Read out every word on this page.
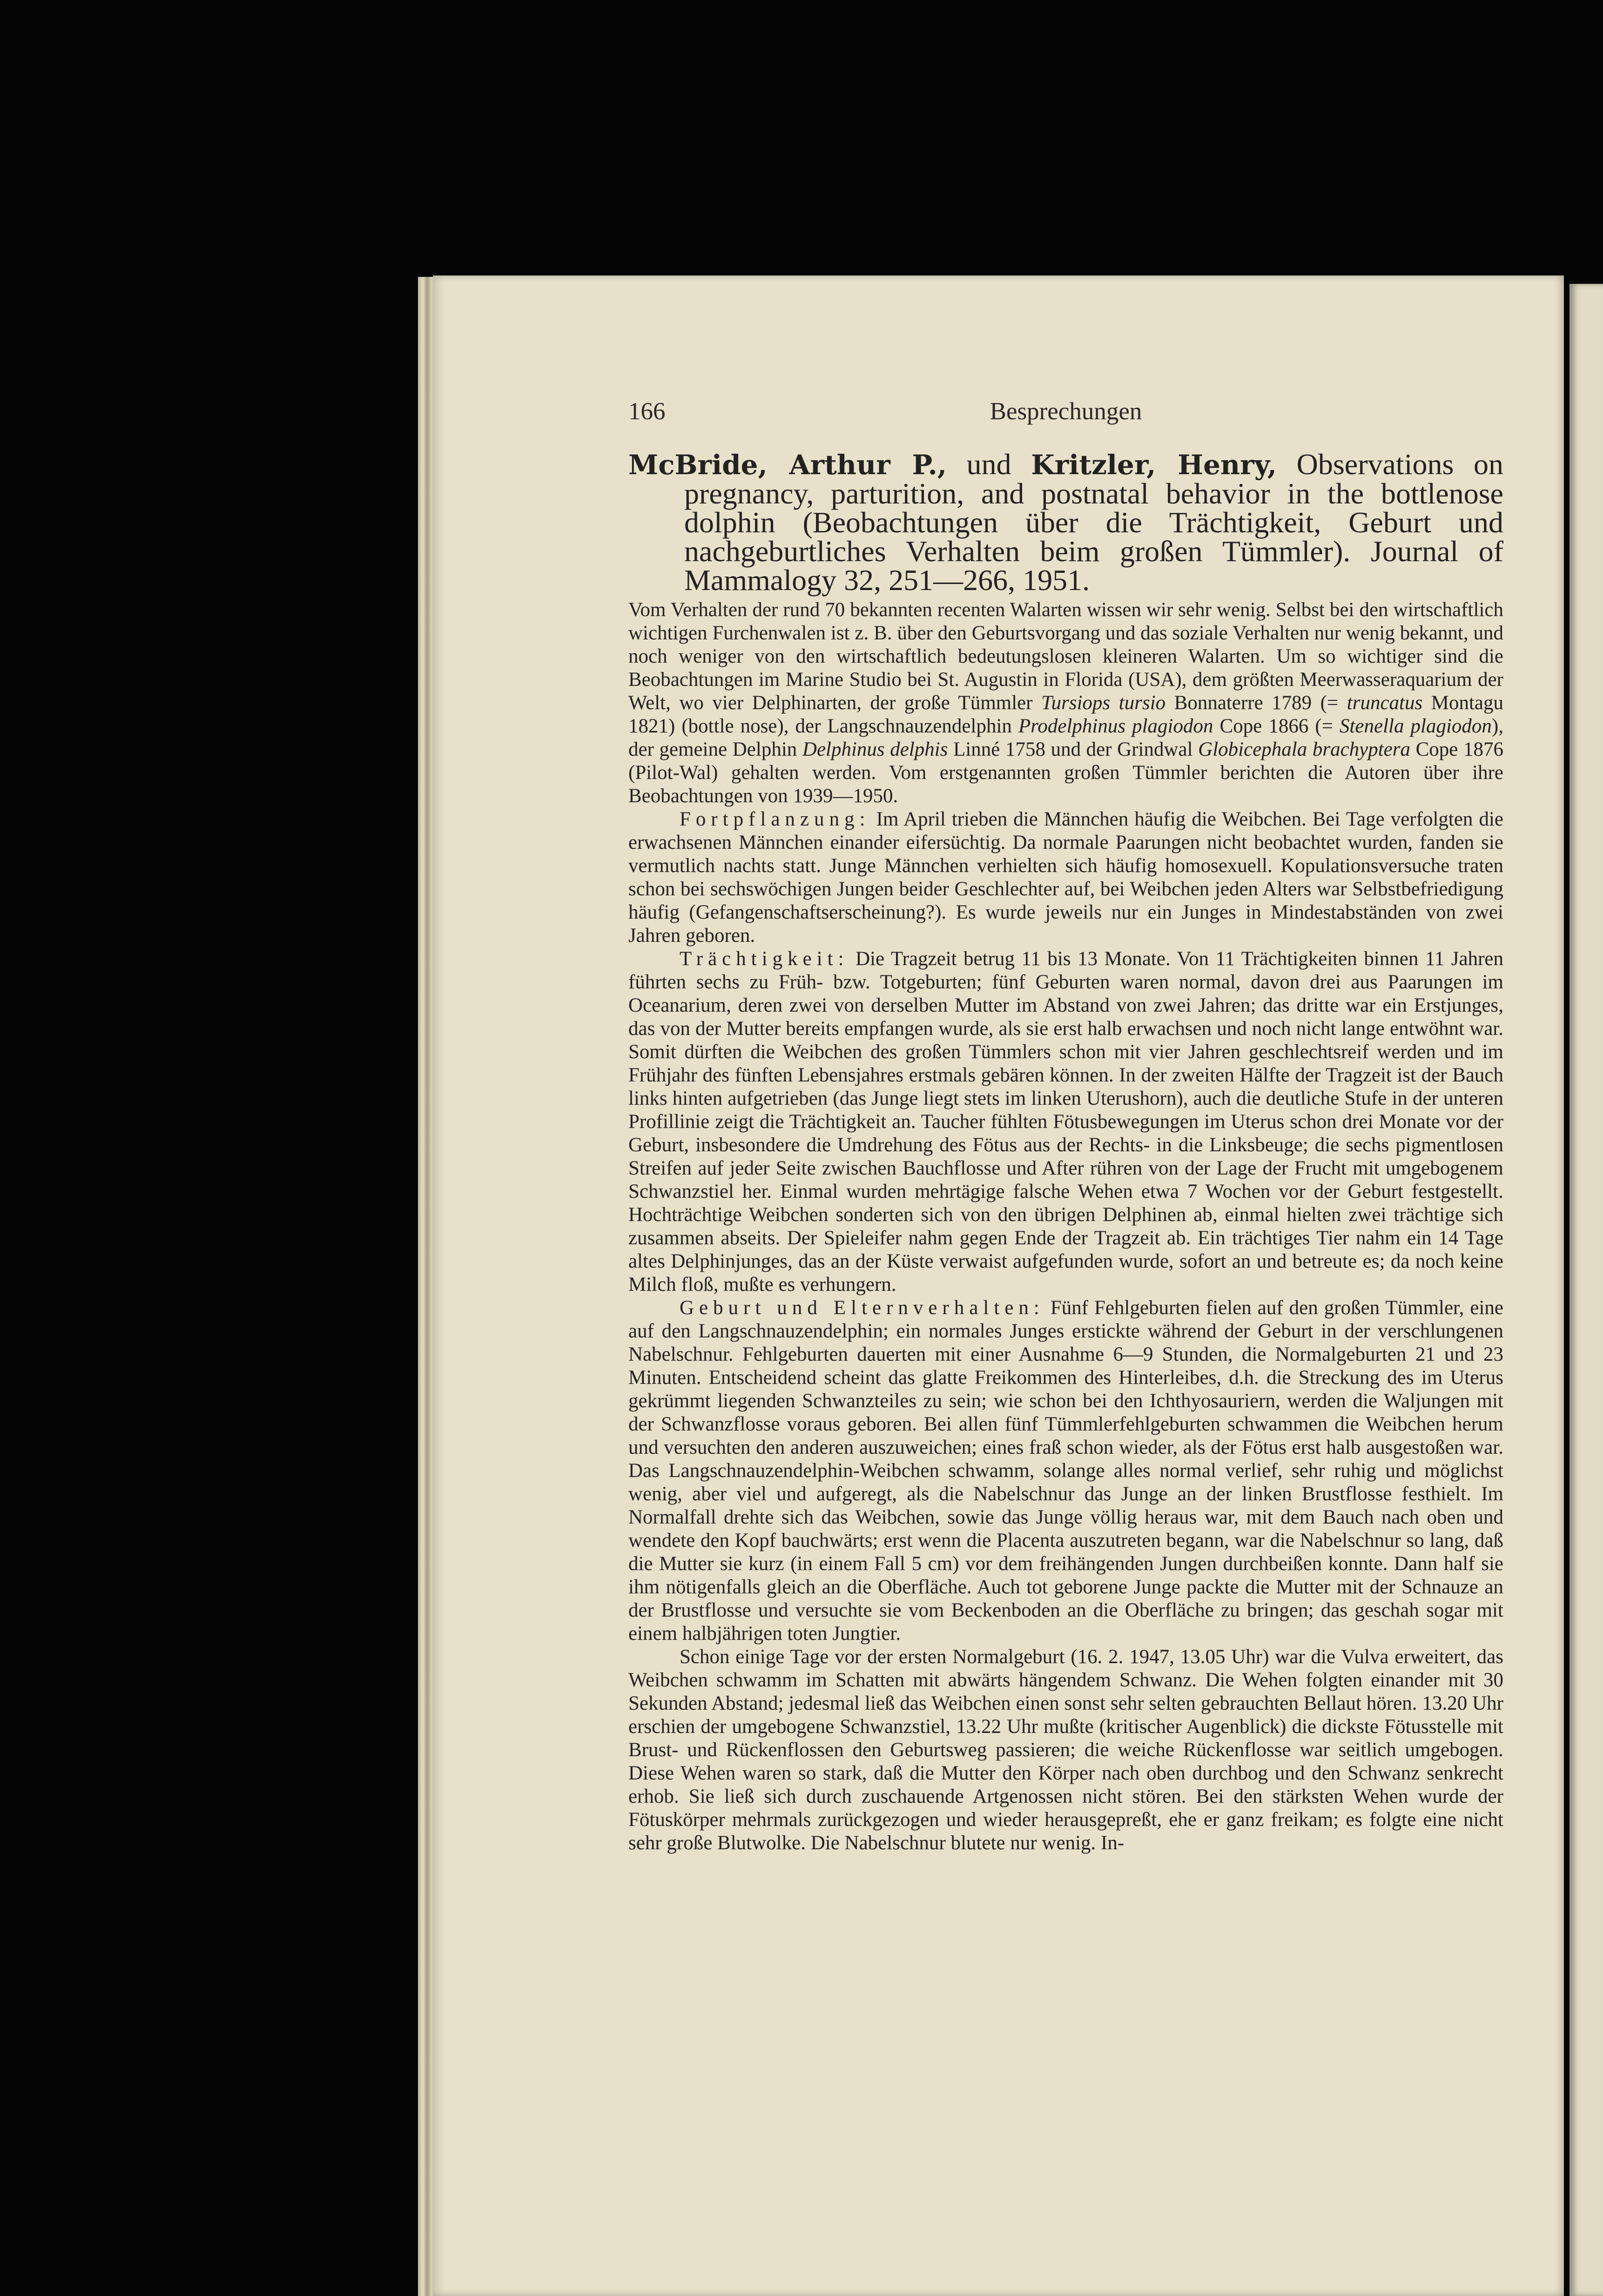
166	Besprechungen

McBride, Arthur P., und Kritzler, Henry, Observations on pregnancy, parturition, and postnatal behavior in the bottlenose dolphin (Beobachtungen über die Trächtigkeit, Geburt und nachgeburtliches Verhalten beim großen Tümmler). Journal of Mammalogy 32, 251—266, 1951.

Vom Verhalten der rund 70 bekannten recenten Walarten wissen wir sehr wenig. Selbst bei den wirtschaftlich wichtigen Furchenwalen ist z. B. über den Geburtsvorgang und das soziale Verhalten nur wenig bekannt, und noch weniger von den wirtschaftlich bedeutungslosen kleineren Walarten. Um so wichtiger sind die Beobachtungen im Marine Studio bei St. Augustin in Florida (USA), dem größten Meerwasseraquarium der Welt, wo vier Delphinarten, der große Tümmler Tursiops tursio Bonnaterre 1789 (= truncatus Montagu 1821) (bottle nose), der Langschnauzendelphin Prodelphinus plagiodon Cope 1866 (= Stenella plagiodon), der gemeine Delphin Delphinus delphis Linné 1758 und der Grindwal Globicephala brachyptera Cope 1876 (Pilot-Wal) gehalten werden. Vom erstgenannten großen Tümmler berichten die Autoren über ihre Beobachtungen von 1939—1950.

Fortpflanzung: Im April trieben die Männchen häufig die Weibchen. Bei Tage verfolgten die erwachsenen Männchen einander eifersüchtig. Da normale Paarungen nicht beobachtet wurden, fanden sie vermutlich nachts statt. Junge Männchen verhielten sich häufig homosexuell. Kopulationsversuche traten schon bei sechswöchigen Jungen beider Geschlechter auf, bei Weibchen jeden Alters war Selbstbefriedigung häufig (Gefangenschaftserscheinung?). Es wurde jeweils nur ein Junges in Mindestabständen von zwei Jahren geboren.

Trächtigkeit: Die Tragzeit betrug 11 bis 13 Monate. Von 11 Trächtigkeiten binnen 11 Jahren führten sechs zu Früh- bzw. Totgeburten; fünf Geburten waren normal, davon drei aus Paarungen im Oceanarium, deren zwei von derselben Mutter im Abstand von zwei Jahren; das dritte war ein Erstjunges, das von der Mutter bereits empfangen wurde, als sie erst halb erwachsen und noch nicht lange entwöhnt war. Somit dürften die Weibchen des großen Tümmlers schon mit vier Jahren geschlechtsreif werden und im Frühjahr des fünften Lebensjahres erstmals gebären können. In der zweiten Hälfte der Tragzeit ist der Bauch links hinten aufgetrieben (das Junge liegt stets im linken Uterushorn), auch die deutliche Stufe in der unteren Profillinie zeigt die Trächtigkeit an. Taucher fühlten Fötusbewegungen im Uterus schon drei Monate vor der Geburt, insbesondere die Umdrehung des Fötus aus der Rechts- in die Linksbeuge; die sechs pigmentlosen Streifen auf jeder Seite zwischen Bauchflosse und After rühren von der Lage der Frucht mit umgebogenem Schwanzstiel her. Einmal wurden mehrtägige falsche Wehen etwa 7 Wochen vor der Geburt festgestellt. Hochträchtige Weibchen sonderten sich von den übrigen Delphinen ab, einmal hielten zwei trächtige sich zusammen abseits. Der Spieleifer nahm gegen Ende der Tragzeit ab. Ein trächtiges Tier nahm ein 14 Tage altes Delphinjunges, das an der Küste verwaist aufgefunden wurde, sofort an und betreute es; da noch keine Milch floß, mußte es verhungern.

Geburt und Elternverhalten: Fünf Fehlgeburten fielen auf den großen Tümmler, eine auf den Langschnauzendelphin; ein normales Junges erstickte während der Geburt in der verschlungenen Nabelschnur. Fehlgeburten dauerten mit einer Ausnahme 6—9 Stunden, die Normalgeburten 21 und 23 Minuten. Entscheidend scheint das glatte Freikommen des Hinterleibes, d.h. die Streckung des im Uterus gekrümmt liegenden Schwanzteiles zu sein; wie schon bei den Ichthyosauriern, werden die Waljungen mit der Schwanzflosse voraus geboren. Bei allen fünf Tümmlerfehlgeburten schwammen die Weibchen herum und versuchten den anderen auszuweichen; eines fraß schon wieder, als der Fötus erst halb ausgestoßen war. Das Langschnauzendelphin-Weibchen schwamm, solange alles normal verlief, sehr ruhig und möglichst wenig, aber viel und aufgeregt, als die Nabelschnur das Junge an der linken Brustflosse festhielt. Im Normalfall drehte sich das Weibchen, sowie das Junge völlig heraus war, mit dem Bauch nach oben und wendete den Kopf bauchwärts; erst wenn die Placenta auszutreten begann, war die Nabelschnur so lang, daß die Mutter sie kurz (in einem Fall 5 cm) vor dem freihängenden Jungen durchbeißen konnte. Dann half sie ihm nötigenfalls gleich an die Oberfläche. Auch tot geborene Junge packte die Mutter mit der Schnauze an der Brustflosse und versuchte sie vom Beckenboden an die Oberfläche zu bringen; das geschah sogar mit einem halbjährigen toten Jungtier.

Schon einige Tage vor der ersten Normalgeburt (16. 2. 1947, 13.05 Uhr) war die Vulva erweitert, das Weibchen schwamm im Schatten mit abwärts hängendem Schwanz. Die Wehen folgten einander mit 30 Sekunden Abstand; jedesmal ließ das Weibchen einen sonst sehr selten gebrauchten Bellaut hören. 13.20 Uhr erschien der umgebogene Schwanzstiel, 13.22 Uhr mußte (kritischer Augenblick) die dickste Fötusstelle mit Brust- und Rückenflossen den Geburtsweg passieren; die weiche Rückenflosse war seitlich umgebogen. Diese Wehen waren so stark, daß die Mutter den Körper nach oben durchbog und den Schwanz senkrecht erhob. Sie ließ sich durch zuschauende Artgenossen nicht stören. Bei den stärksten Wehen wurde der Fötuskörper mehrmals zurückgezogen und wieder herausgepreßt, ehe er ganz freikam; es folgte eine nicht sehr große Blutwolke. Die Nabelschnur blutete nur wenig. In-
